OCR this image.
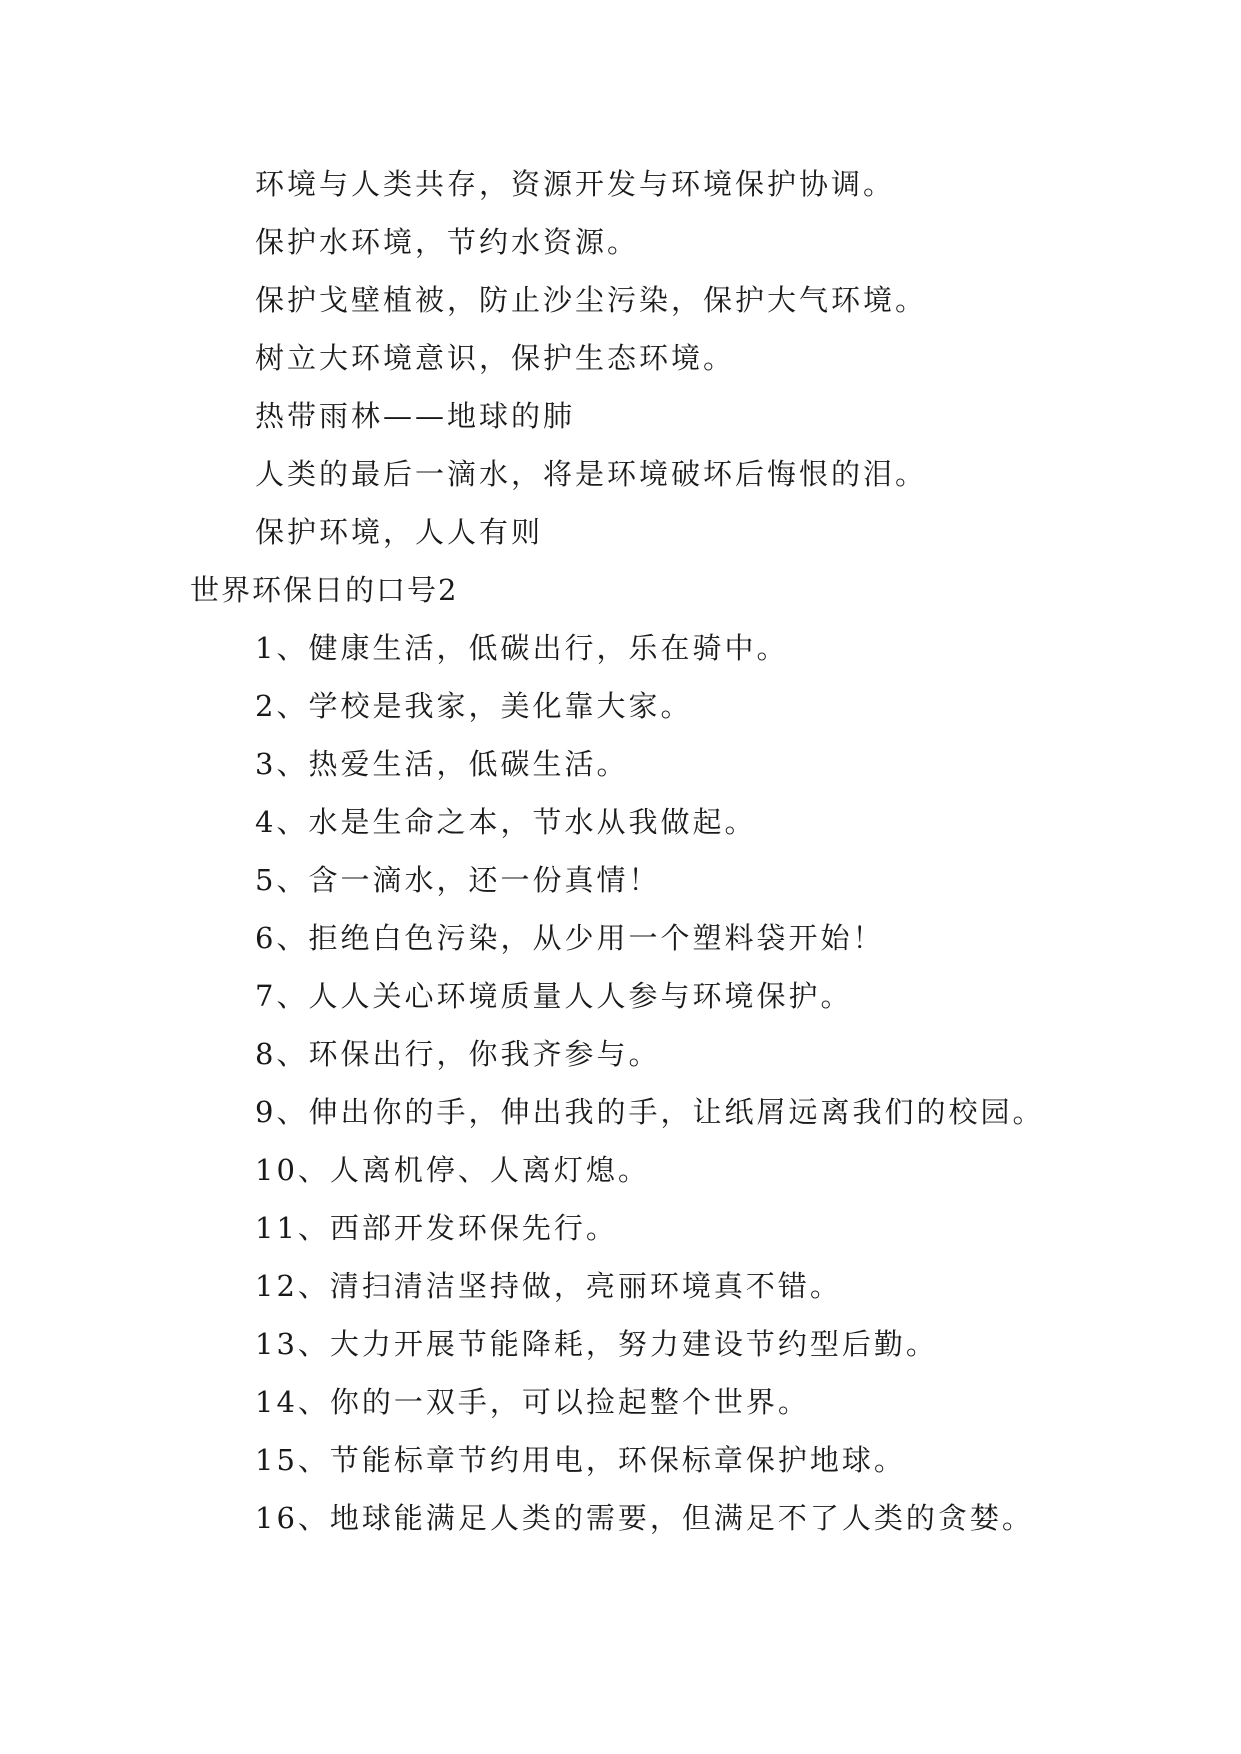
环境与人类共存，资源开发与环境保护协调。
保护水环境，节约水资源。
保护戈壁植被，防止沙尘污染，保护大气环境。
树立大环境意识，保护生态环境。
热带雨林——地球的肺
人类的最后一滴水，将是环境破坏后悔恨的泪。
保护环境，人人有则
世界环保日的口号2
1、健康生活，低碳出行，乐在骑中。
2、学校是我家，美化靠大家。
3、热爱生活，低碳生活。
4、水是生命之本，节水从我做起。
5、含一滴水，还一份真情！
6、拒绝白色污染，从少用一个塑料袋开始！
7、人人关心环境质量人人参与环境保护。
8、环保出行，你我齐参与。
9、伸出你的手，伸出我的手，让纸屑远离我们的校园。
10、人离机停、人离灯熄。
11、西部开发环保先行。
12、清扫清洁坚持做，亮丽环境真不错。
13、大力开展节能降耗，努力建设节约型后勤。
14、你的一双手，可以捡起整个世界。
15、节能标章节约用电，环保标章保护地球。
16、地球能满足人类的需要，但满足不了人类的贪婪。
